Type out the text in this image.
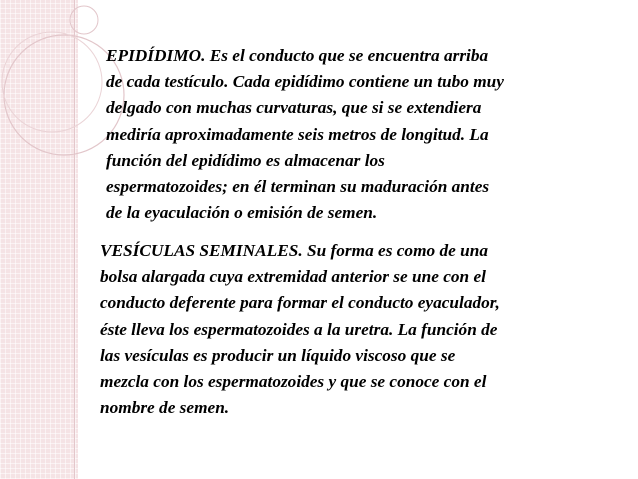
EPIDÍDIMO. Es el conducto que se encuentra arriba
de cada testículo. Cada epidídimo contiene un tubo muy
delgado con muchas curvaturas, que si se extendiera
mediría aproximadamente seis metros de longitud. La
función del epidídimo es almacenar los
espermatozoides; en él terminan su maduración antes
de la eyaculación o emisión de semen.

VESÍCULAS SEMINALES. Su forma es como de una
bolsa alargada cuya extremidad anterior se une con el
conducto deferente para formar el conducto eyaculador,
éste lleva los espermatozoides a la uretra. La función de
las vesículas es producir un líquido viscoso que se
mezcla con los espermatozoides y que se conoce con el
nombre de semen.
